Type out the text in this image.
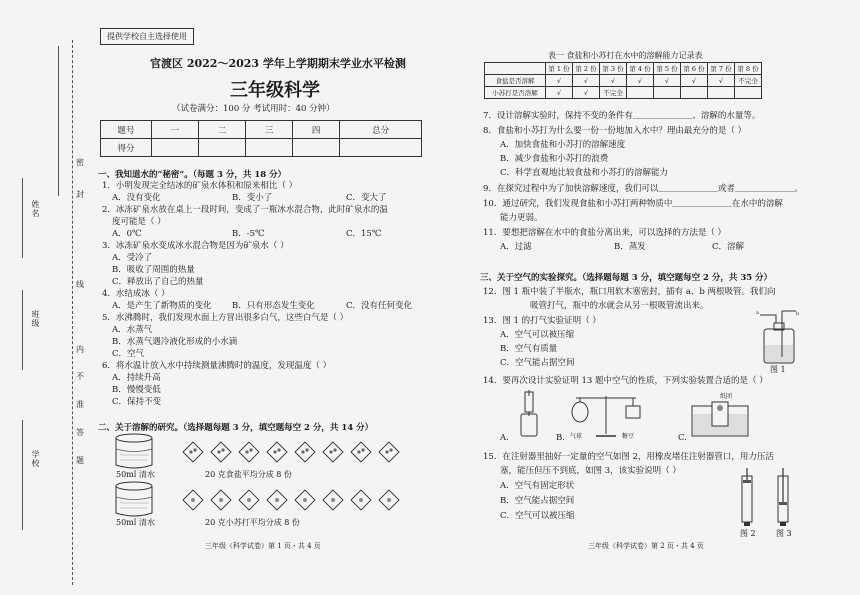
姓名
班级
学校
密
封
线
内
不
准
答
题
提供学校自主选择使用
官渡区 2022～2023 学年上学期期末学业水平检测
三年级科学
（试卷满分：100 分 考试用时：40 分钟）
题号	一	二	三	四	总分
得分					
一、我知道水的“秘密”。（每题 3 分，共 18 分）
1．小明发现完全结冰的矿泉水体积和原来相比（ ）
A．没有变化	B．变小了	C．变大了
2．冰冻矿泉水放在桌上一段时间，变成了一瓶冰水混合物，此时矿泉水的温
度可能是（ ）
A．0℃	B．-5℃	C．15℃
3．冰冻矿泉水变成冰水混合物是因为矿泉水（ ）
A．受冷了
B．吸收了周围的热量
C．释放出了自己的热量
4．水结成冰（ ）
A．是产生了新物质的变化 B．只有形态发生变化	C．没有任何变化
5．水沸腾时，我们发现水面上方冒出很多白气，这些白气是（ ）
A．水蒸气
B．水蒸气遇冷液化形成的小水滴
C．空气
6．将水温计放入水中持续测量沸腾时的温度，发现温度（ ）
A．持续升高
B．慢慢变低
C．保持不变
二、关于溶解的研究。（选择题每题 3 分，填空题每空 2 分，共 14 分）
50ml 清水	20 克食盐平均分成 8 份
50ml 清水	20 克小苏打平均分成 8 份
三年级（科学试卷）第 1 页・共 4 页
表一 食盐和小苏打在水中的溶解能力记录表
	第 1 份	第 2 份	第 3 份	第 4 份	第 5 份	第 6 份	第 7 份	第 8 份
食盐是否溶解	√	√	√	√	√	√	√	不完全
小苏打是否溶解	√	√	不完全					
7．设计溶解实验时，保持不变的条件有＿＿＿＿＿＿＿、溶解的水量等。
8．食盐和小苏打为什么要一份一份地加入水中？理由最充分的是（ ）
A．加快食盐和小苏打的溶解速度
B．减少食盐和小苏打的浪费
C．科学直观地比较食盐和小苏打的溶解能力
9．在探究过程中为了加快溶解速度，我们可以＿＿＿＿＿＿＿或者＿＿＿＿＿＿＿。
10．通过研究，我们发现食盐和小苏打两种物质中＿＿＿＿＿＿＿在水中的溶解
能力更弱。
11．要想把溶解在水中的食盐分离出来，可以选择的方法是（ ）
A．过滤	B．蒸发	C．溶解
三、关于空气的实验探究。（选择题每题 3 分，填空题每空 2 分，共 35 分）
12．图 1 瓶中装了半瓶水，瓶口用软木塞密封，插有 a、b 两根吸管。我们向
吸管打气，瓶中的水就会从另一根吸管流出来。
13．图 1 的打气实验证明（ ）
A．空气可以被压缩
B．空气有质量
C．空气能占据空间
a	b
图 1
14．要再次设计实验证明 13 题中空气的性质，下列实验装置合适的是（ ）
A.	气球	糖豆
B.
纸团
C.
15．在注射器里抽好一定量的空气如图 2，用橡皮堵住注射器管口，用力压活
塞，能压但压不到底，如图 3，该实验说明（ ）
A．空气有固定形状
B．空气能占据空间
C．空气可以被压缩
图 2	图 3
三年级（科学试卷）第 2 页・共 4 页
